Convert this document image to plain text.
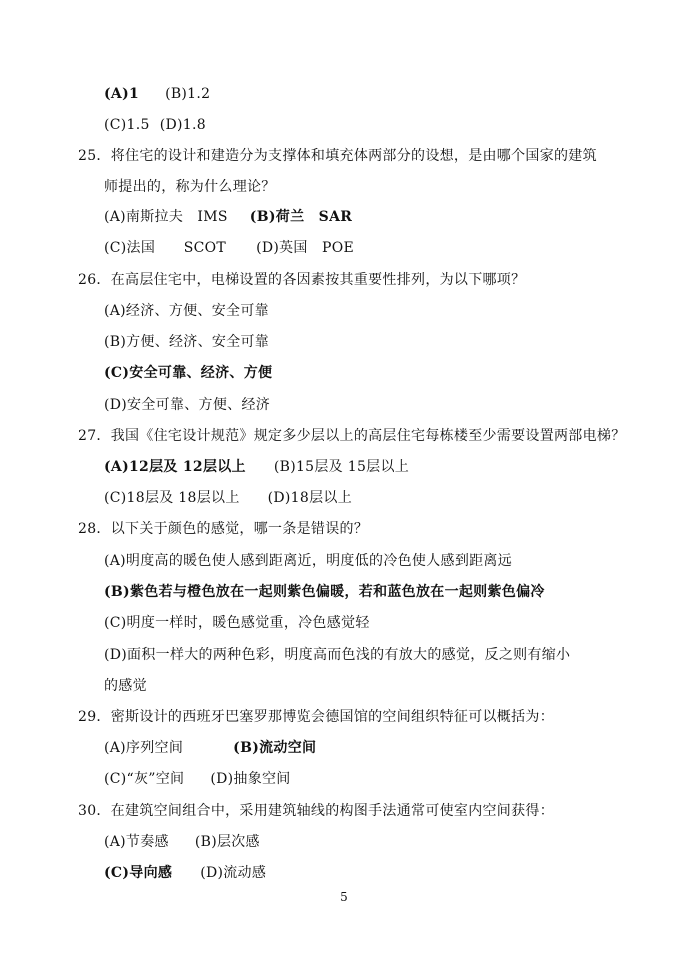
(A)1 (B)1.2
(C)1.5 (D)1.8
25．将住宅的设计和建造分为支撑体和填充体两部分的设想，是由哪个国家的建筑
师提出的，称为什么理论？
(A)南斯拉夫　IMS (B)荷兰　SAR
(C)法国　　SCOT (D)英国　POE
26．在高层住宅中，电梯设置的各因素按其重要性排列，为以下哪项？
(A)经济、方便、安全可靠
(B)方便、经济、安全可靠
(C)安全可靠、经济、方便
(D)安全可靠、方便、经济
27．我国《住宅设计规范》规定多少层以上的高层住宅每栋楼至少需要设置两部电梯？
(A)12层及 12层以上 (B)15层及 15层以上
(C)18层及 18层以上 (D)18层以上
28．以下关于颜色的感觉，哪一条是错误的？
(A)明度高的暖色使人感到距离近，明度低的冷色使人感到距离远
(B)紫色若与橙色放在一起则紫色偏暖，若和蓝色放在一起则紫色偏冷
(C)明度一样时，暖色感觉重，冷色感觉轻
(D)面积一样大的两种色彩，明度高而色浅的有放大的感觉，反之则有缩小
的感觉
29．密斯设计的西班牙巴塞罗那博览会德国馆的空间组织特征可以概括为：
(A)序列空间	(B)流动空间
(C)“灰”空间 (D)抽象空间
30．在建筑空间组合中，采用建筑轴线的构图手法通常可使室内空间获得：
(A)节奏感 (B)层次感
(C)导向感 (D)流动感
5
